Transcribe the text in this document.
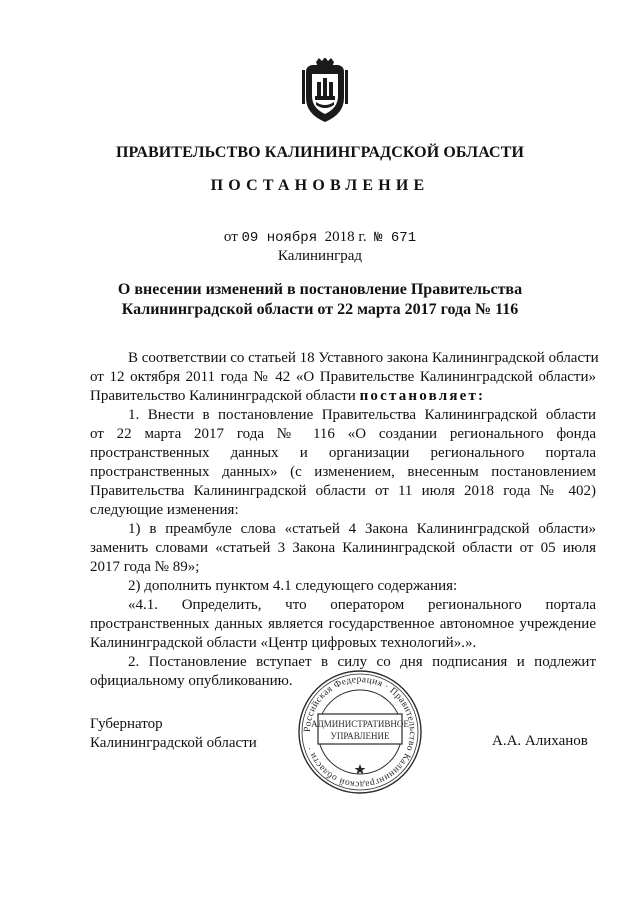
ПРАВИТЕЛЬСТВО КАЛИНИНГРАДСКОЙ ОБЛАСТИ
ПОСТАНОВЛЕНИЕ
от 09 ноября 2018 г. № 671
Калининград
О внесении изменений в постановление Правительства
Калининградской области от 22 марта 2017 года № 116
В соответствии со статьей 18 Уставного закона Калининградской области
от 12 октября 2011 года № 42 «О Правительстве Калининградской области»
Правительство Калининградской области постановляет:
1. Внести в постановление Правительства Калининградской области
от 22 марта 2017 года № 116 «О создании регионального фонда
пространственных данных и организации регионального портала
пространственных данных» (с изменением, внесенным постановлением
Правительства Калининградской области от 11 июля 2018 года № 402)
следующие изменения:
1) в преамбуле слова «статьей 4 Закона Калининградской области»
заменить словами «статьей 3 Закона Калининградской области от 05 июля
2017 года № 89»;
2) дополнить пунктом 4.1 следующего содержания:
«4.1. Определить, что оператором регионального портала
пространственных данных является государственное автономное учреждение
Калининградской области «Центр цифровых технологий».».
2. Постановление вступает в силу со дня подписания и подлежит
официальному опубликованию.
Губернатор
Калининградской области
Российская Федерация · Правительство Калининградской области ·
АДМИНИСТРАТИВНОЕ
УПРАВЛЕНИЕ	А.А. Алиханов
